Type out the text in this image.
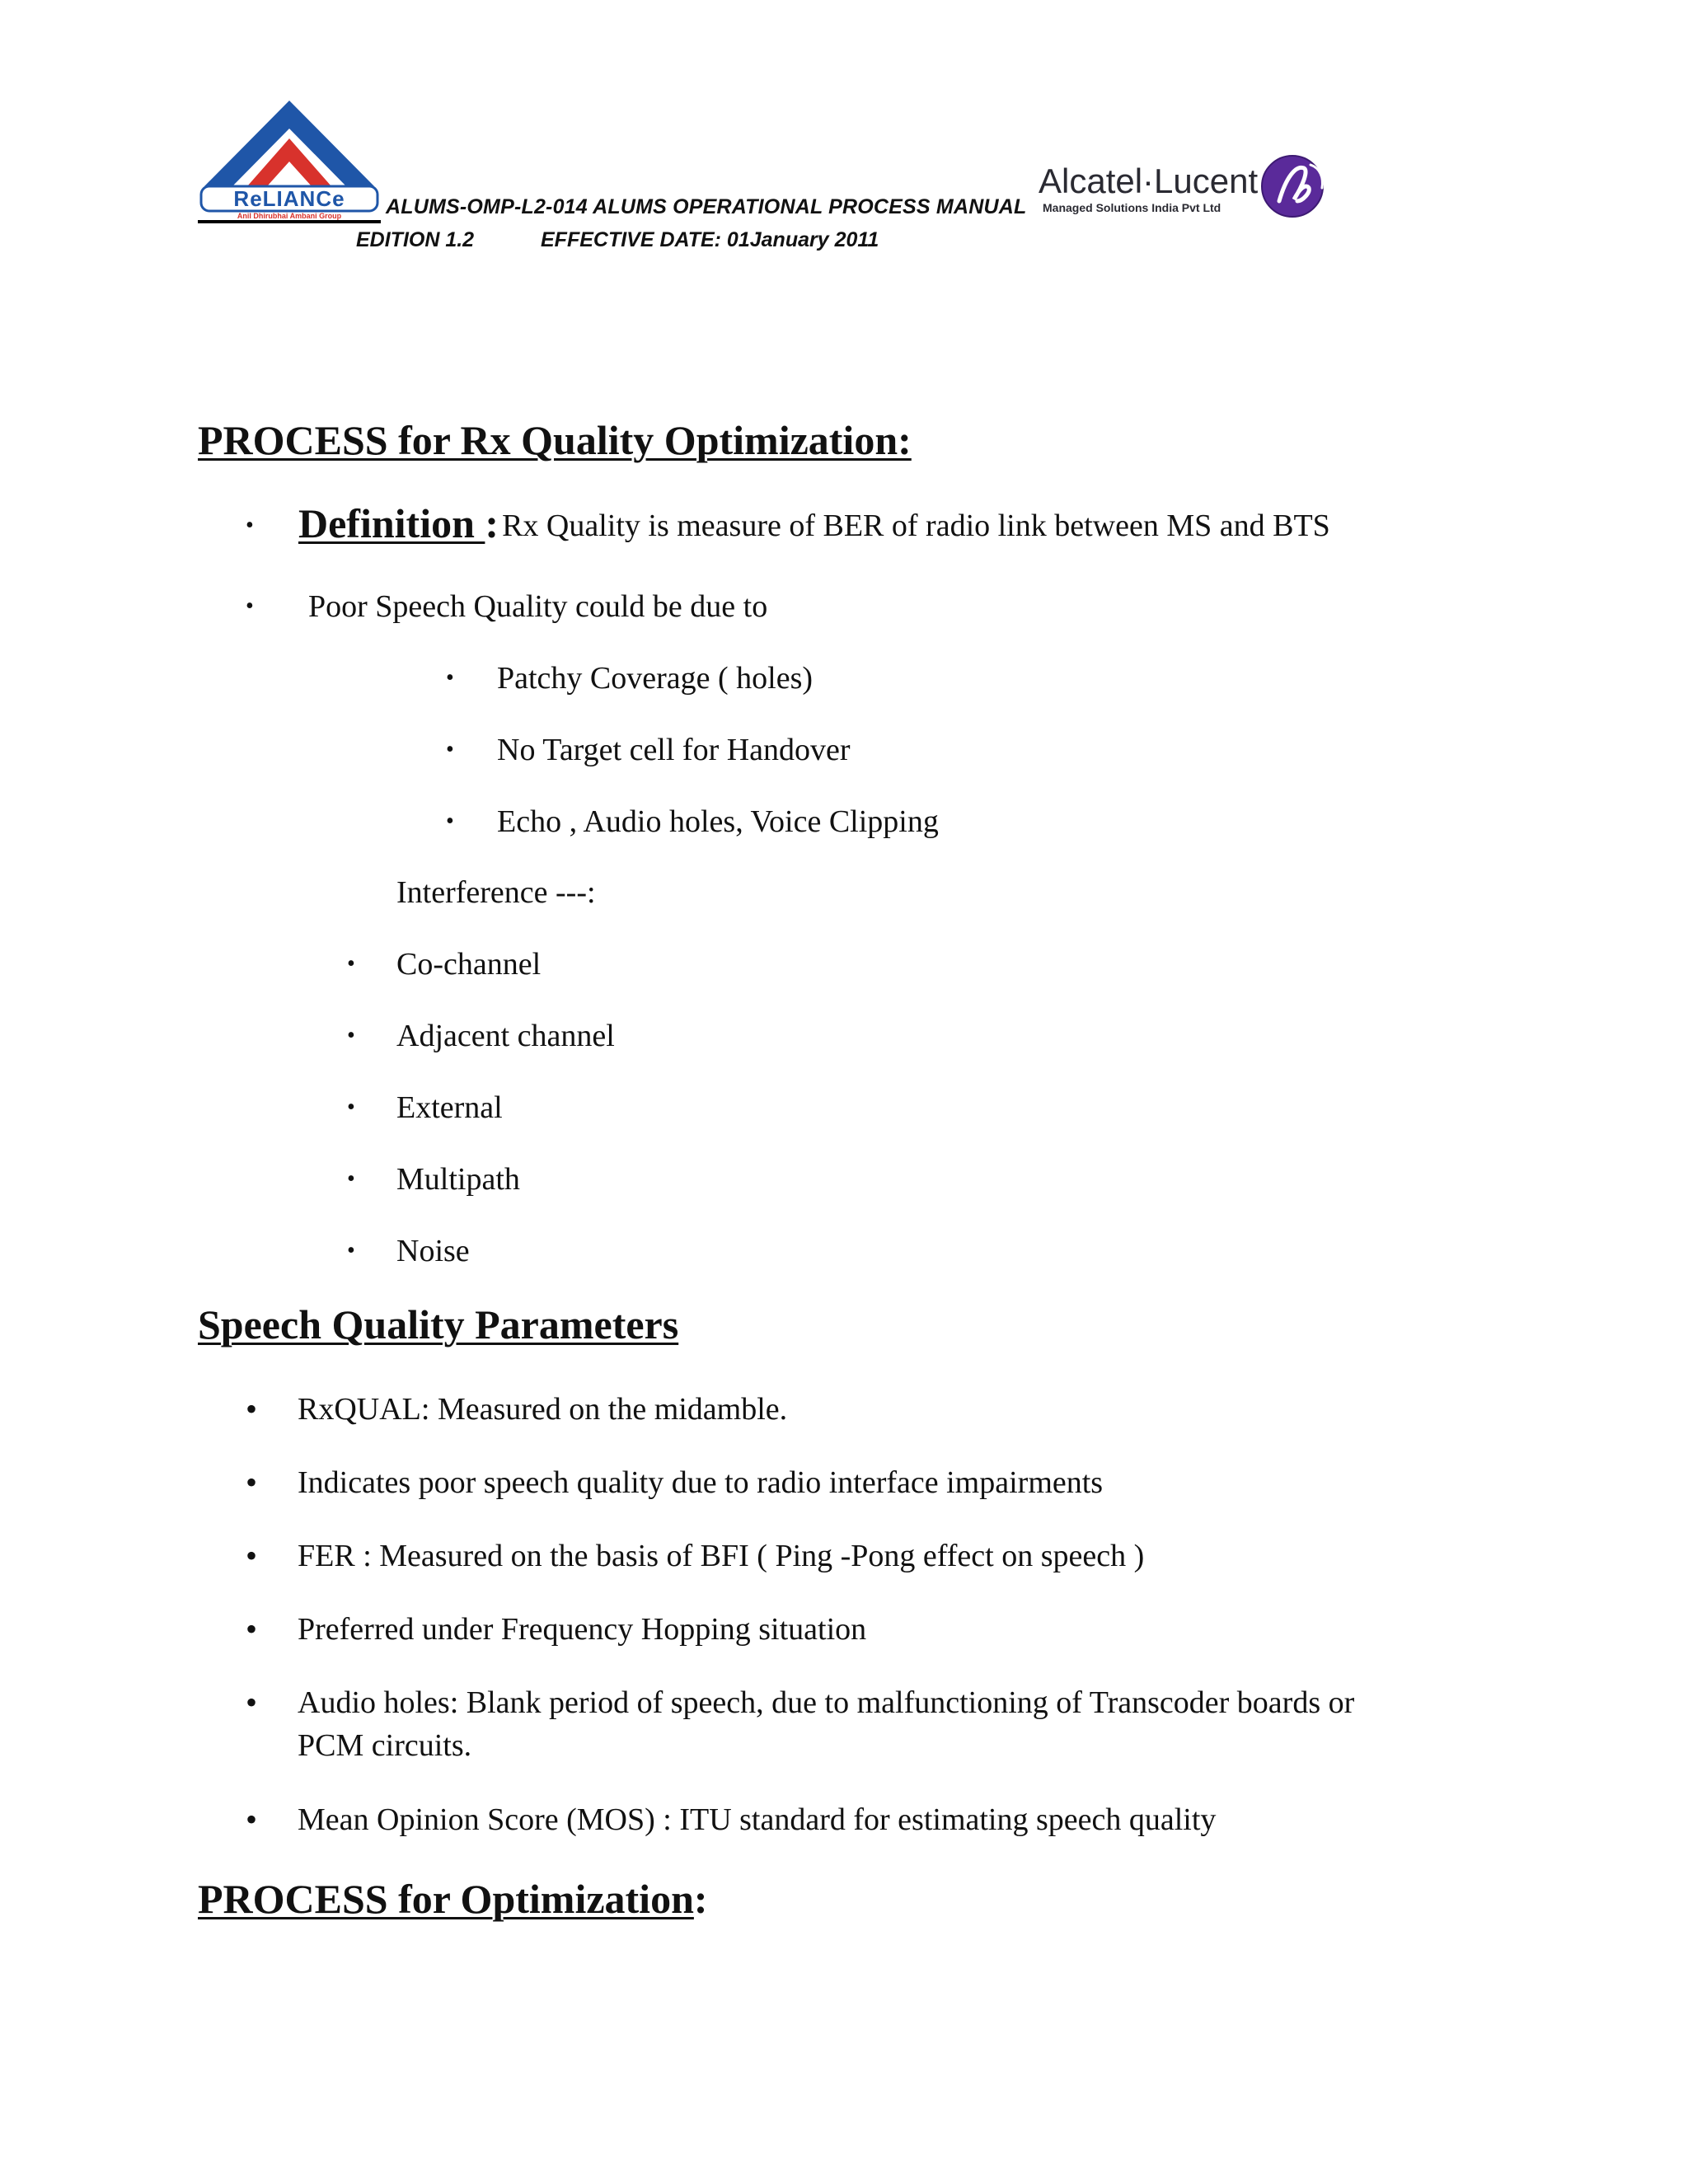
ReLIANCe
Anil Dhirubhai Ambani Group ALUMS-OMP-L2-014 ALUMS OPERATIONAL PROCESS MANUAL
EDITION 1.2	EFFECTIVE DATE: 01January 2011
Alcatel·Lucent
Managed Solutions India Pvt Ltd
PROCESS for Rx Quality Optimization:
• Definition : Rx Quality is measure of BER of radio link between MS and BTS
• Poor Speech Quality could be due to
• Patchy Coverage ( holes)
• No Target cell for Handover
• Echo , Audio holes, Voice Clipping
Interference ---:
• Co-channel
• Adjacent channel
• External
• Multipath
• Noise
Speech Quality Parameters
• RxQUAL: Measured on the midamble.
• Indicates poor speech quality due to radio interface impairments
• FER : Measured on the basis of BFI ( Ping -Pong effect on speech )
• Preferred under Frequency Hopping situation
• Audio holes: Blank period of speech, due to malfunctioning of Transcoder boards or
PCM circuits.
• Mean Opinion Score (MOS) : ITU standard for estimating speech quality
PROCESS for Optimization:
